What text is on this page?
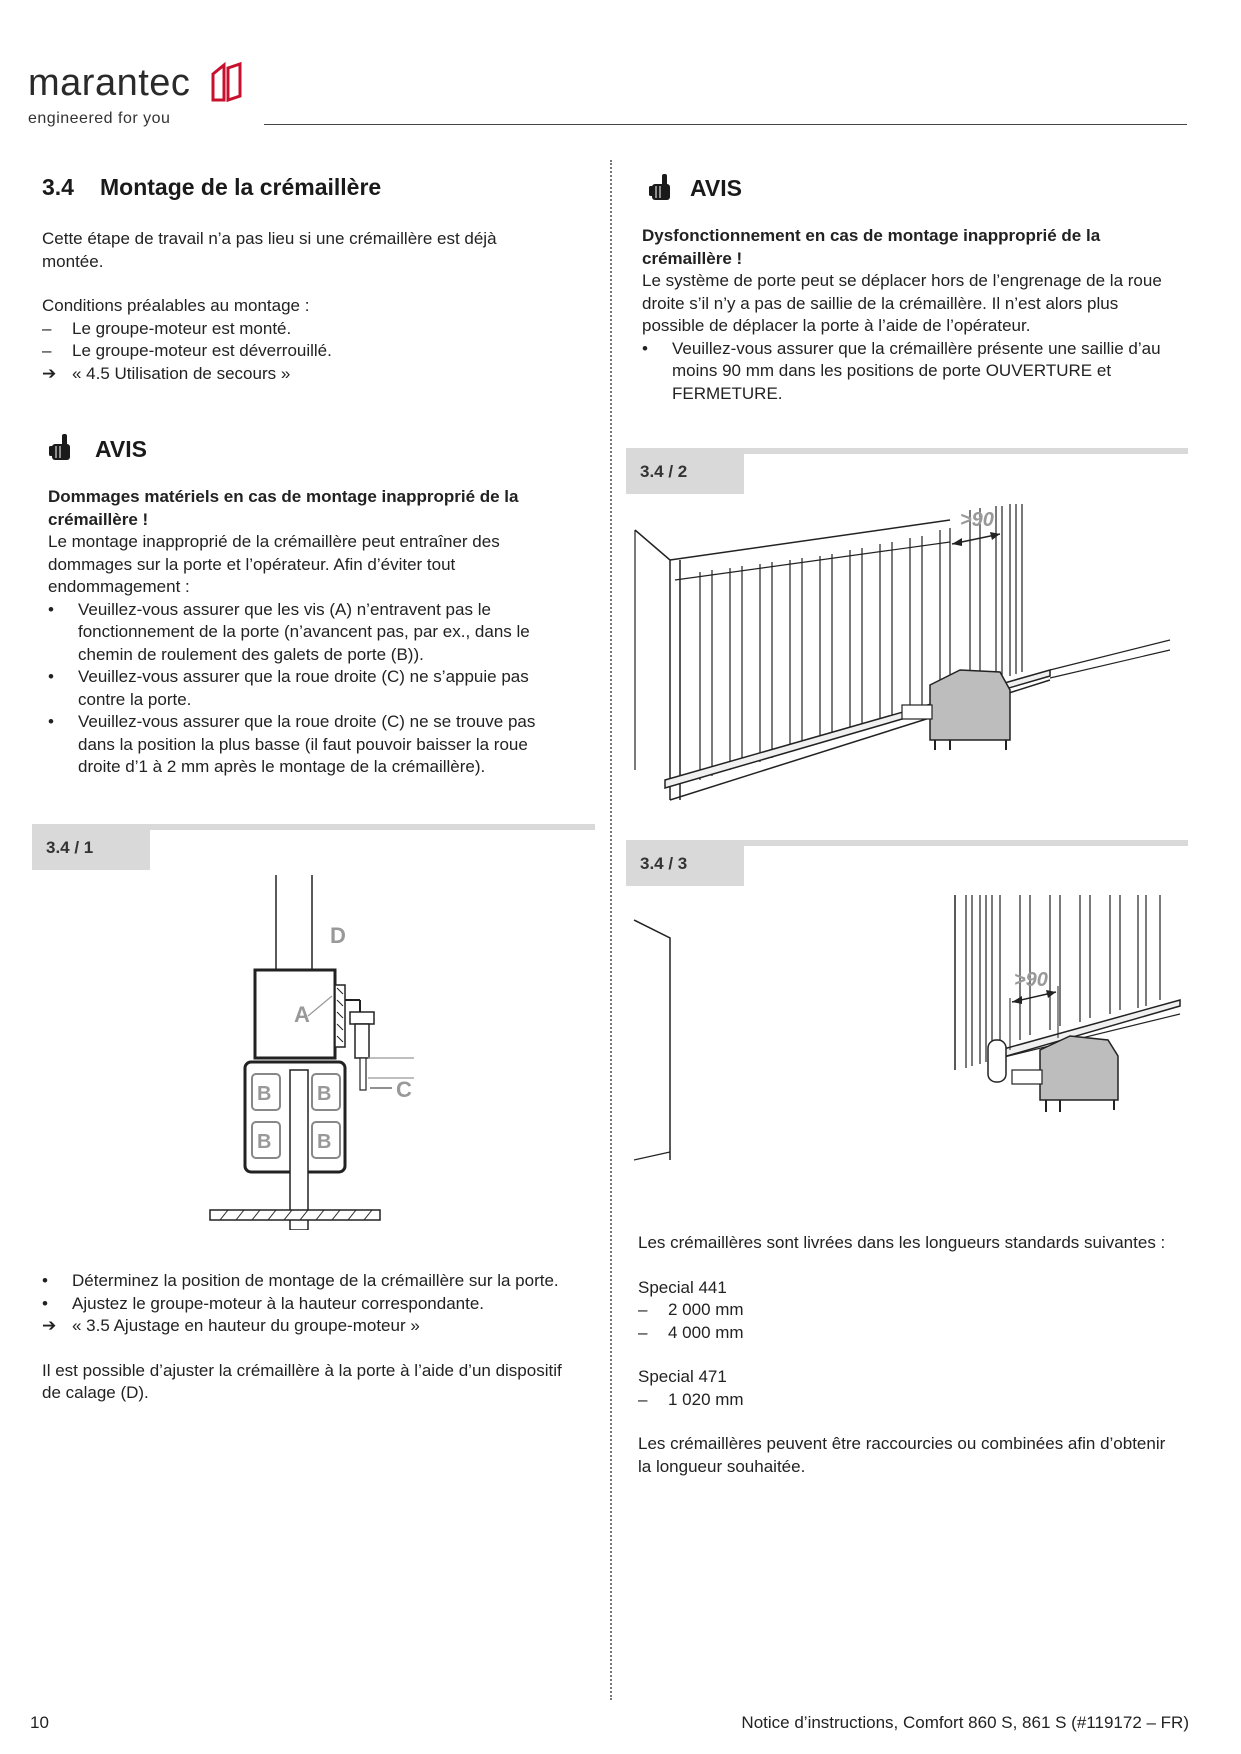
marantec
engineered for you
3.4 Montage de la crémaillère

Cette étape de travail n’a pas lieu si une crémaillère est déjà montée.

Conditions préalables au montage :

– Le groupe-moteur est monté.
– Le groupe-moteur est déverrouillé.
➔ « 4.5 Utilisation de secours »
AVIS

Dommages matériels en cas de montage inapproprié de la crémaillère !

Le montage inapproprié de la crémaillère peut entraîner des dommages sur la porte et l’opérateur. Afin d’éviter tout endommagement :

• Veuillez-vous assurer que les vis (A) n’entravent pas le fonctionnement de la porte (n’avancent pas, par ex., dans le chemin de roulement des galets de porte (B)).
• Veuillez-vous assurer que la roue droite (C) ne s’appuie pas contre la porte.
• Veuillez-vous assurer que la roue droite (C) ne se trouve pas dans la position la plus basse (il faut pouvoir baisser la roue droite d’1 à 2 mm après le montage de la crémaillère).
3.4 / 1
D
A
C
B B
B B
• Déterminez la position de montage de la crémaillère sur la porte.
• Ajustez le groupe-moteur à la hauteur correspondante.
➔ « 3.5 Ajustage en hauteur du groupe-moteur »

Il est possible d’ajuster la crémaillère à la porte à l’aide d’un dispositif de calage (D).

AVIS

Dysfonctionnement en cas de montage inapproprié de la crémaillère !

Le système de porte peut se déplacer hors de l’engrenage de la roue droite s’il n’y a pas de saillie de la crémaillère. Il n’est alors plus possible de déplacer la porte à l’aide de l’opérateur.

• Veuillez-vous assurer que la crémaillère présente une saillie d’au moins 90 mm dans les positions de porte OUVERTURE et FERMETURE.
3.4 / 2
>90
3.4 / 3
>90

Les crémaillères sont livrées dans les longueurs standards suivantes :

Special 441

– 2 000 mm
– 4 000 mm

Special 471

– 1 020 mm

Les crémaillères peuvent être raccourcies ou combinées afin d’obtenir la longueur souhaitée.

10	Notice d’instructions, Comfort 860 S, 861 S (#119172 – FR)
